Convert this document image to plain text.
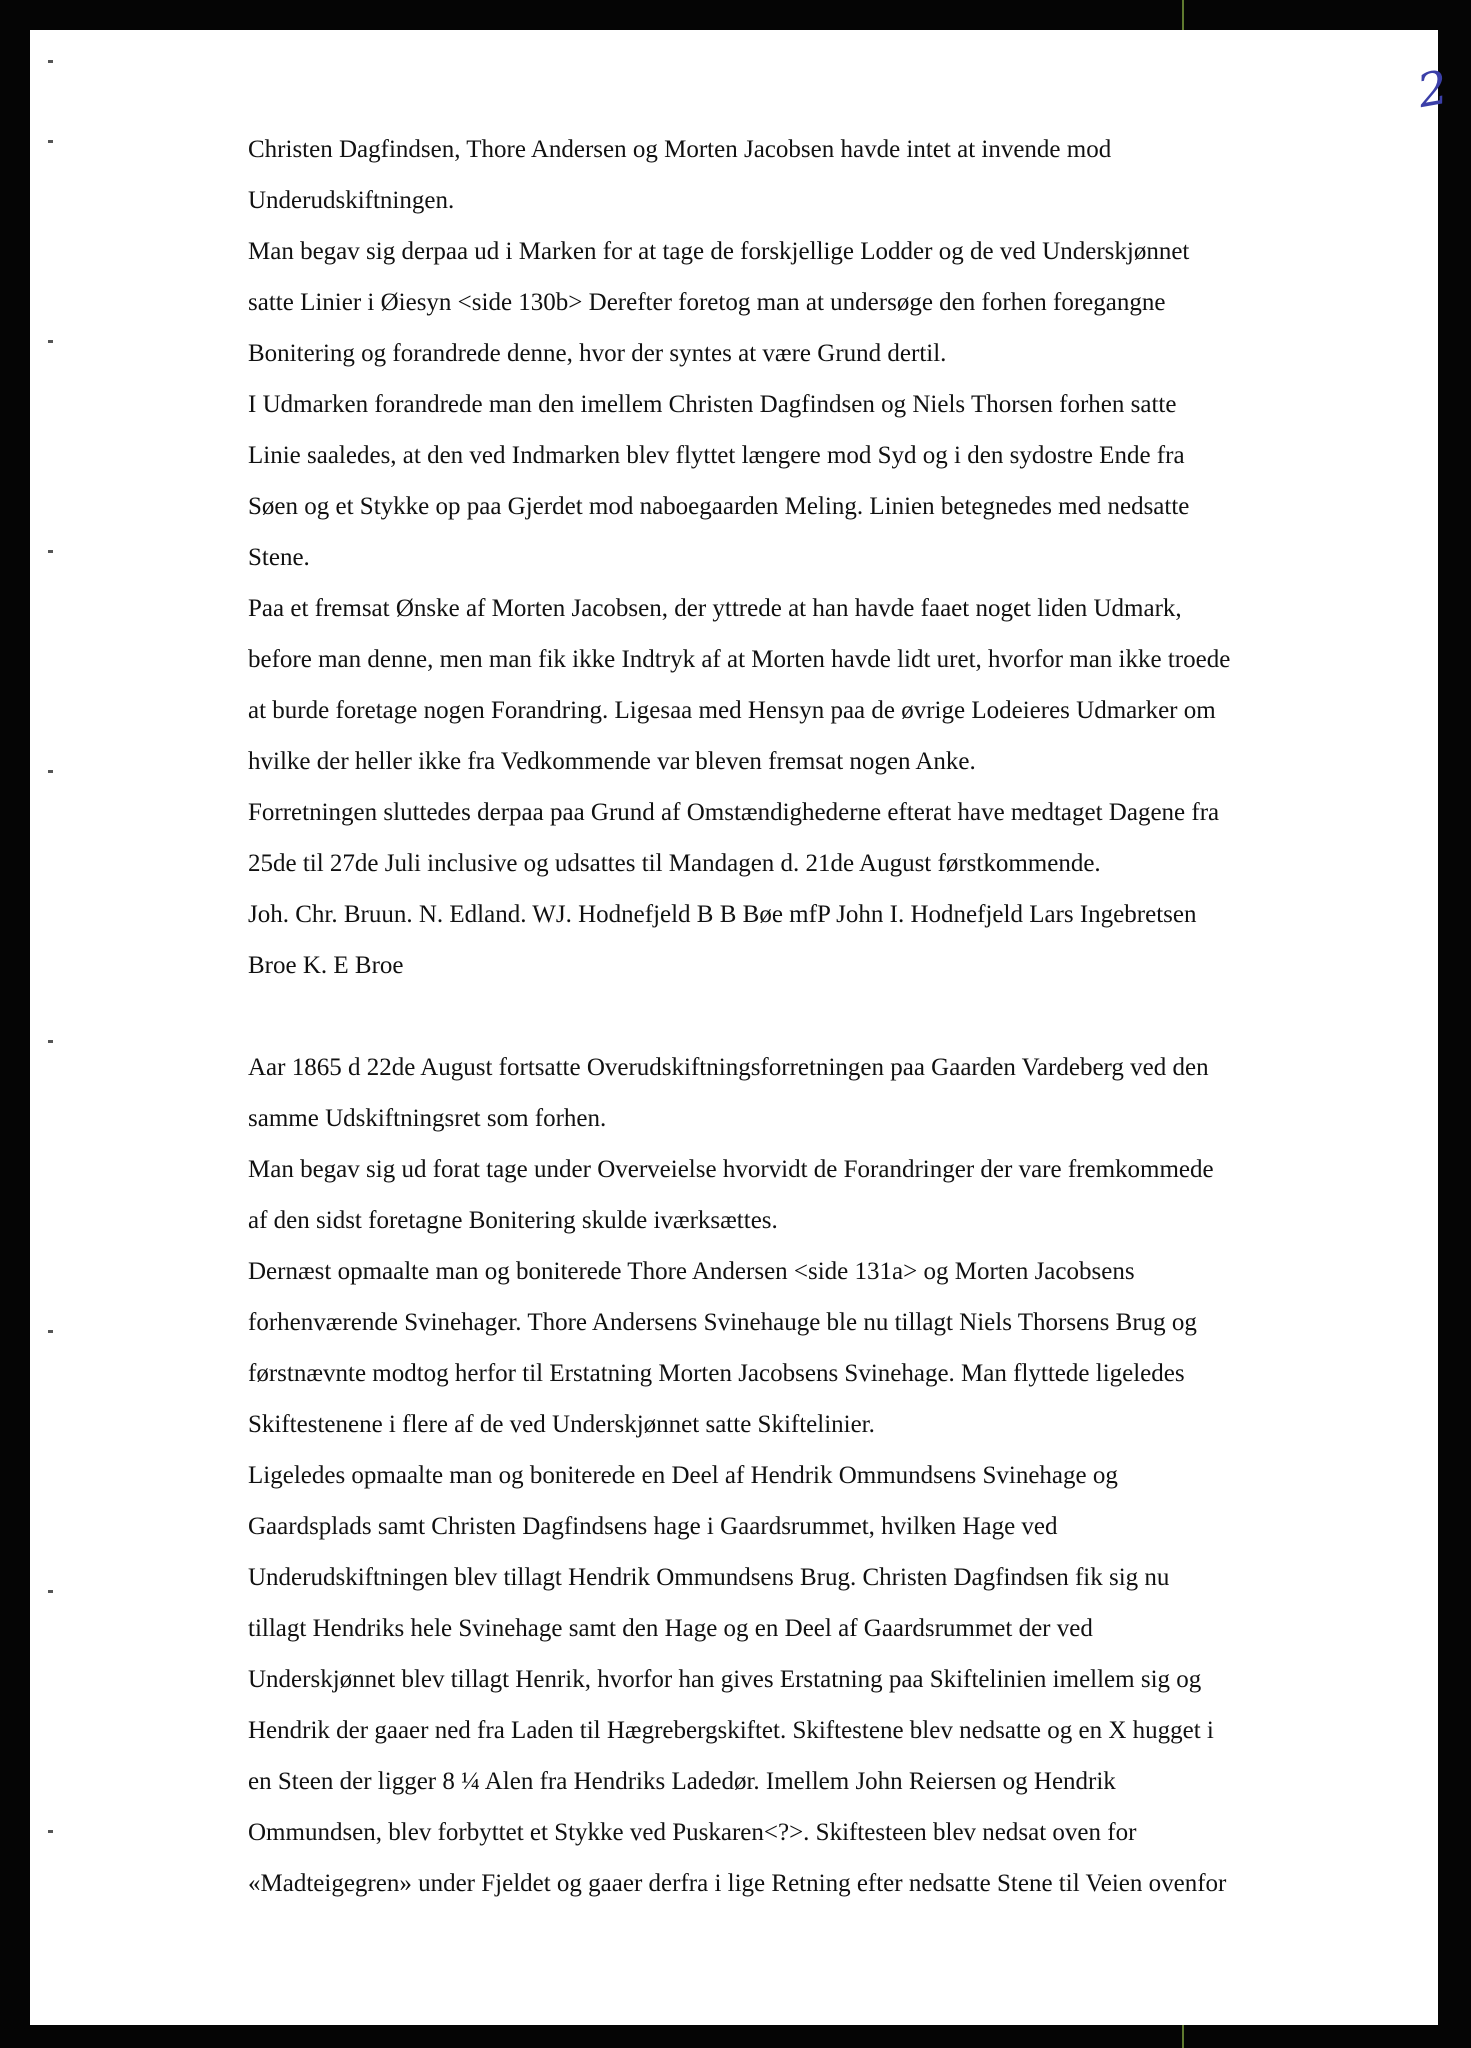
2
Christen Dagfindsen, Thore Andersen og Morten Jacobsen havde intet at invende mod
Underudskiftningen.
Man begav sig derpaa ud i Marken for at tage de forskjellige Lodder og de ved Underskjønnet
satte Linier i Øiesyn <side 130b> Derefter foretog man at undersøge den forhen foregangne
Bonitering og forandrede denne, hvor der syntes at være Grund dertil.
I Udmarken forandrede man den imellem Christen Dagfindsen og Niels Thorsen forhen satte
Linie saaledes, at den ved Indmarken blev flyttet længere mod Syd og i den sydostre Ende fra
Søen og et Stykke op paa Gjerdet mod naboegaarden Meling. Linien betegnedes med nedsatte
Stene.
Paa et fremsat Ønske af Morten Jacobsen, der yttrede at han havde faaet noget liden Udmark,
before man denne, men man fik ikke Indtryk af at Morten havde lidt uret, hvorfor man ikke troede
at burde foretage nogen Forandring. Ligesaa med Hensyn paa de øvrige Lodeieres Udmarker om
hvilke der heller ikke fra Vedkommende var bleven fremsat nogen Anke.
Forretningen sluttedes derpaa paa Grund af Omstændighederne efterat have medtaget Dagene fra
25de til 27de Juli inclusive og udsattes til Mandagen d. 21de August førstkommende.
Joh. Chr. Bruun. N. Edland. WJ. Hodnefjeld B B Bøe mfP John I. Hodnefjeld Lars Ingebretsen
Broe K. E Broe
Aar 1865 d 22de August fortsatte Overudskiftningsforretningen paa Gaarden Vardeberg ved den
samme Udskiftningsret som forhen.
Man begav sig ud forat tage under Overveielse hvorvidt de Forandringer der vare fremkommede
af den sidst foretagne Bonitering skulde iværksættes.
Dernæst opmaalte man og boniterede Thore Andersen <side 131a> og Morten Jacobsens
forhenværende Svinehager. Thore Andersens Svinehauge ble nu tillagt Niels Thorsens Brug og
førstnævnte modtog herfor til Erstatning Morten Jacobsens Svinehage. Man flyttede ligeledes
Skiftestenene i flere af de ved Underskjønnet satte Skiftelinier.
Ligeledes opmaalte man og boniterede en Deel af Hendrik Ommundsens Svinehage og
Gaardsplads samt Christen Dagfindsens hage i Gaardsrummet, hvilken Hage ved
Underudskiftningen blev tillagt Hendrik Ommundsens Brug. Christen Dagfindsen fik sig nu
tillagt Hendriks hele Svinehage samt den Hage og en Deel af Gaardsrummet der ved
Underskjønnet blev tillagt Henrik, hvorfor han gives Erstatning paa Skiftelinien imellem sig og
Hendrik der gaaer ned fra Laden til Hægrebergskiftet. Skiftestene blev nedsatte og en X hugget i
en Steen der ligger 8 ¼ Alen fra Hendriks Ladedør. Imellem John Reiersen og Hendrik
Ommundsen, blev forbyttet et Stykke ved Puskaren<?>. Skiftesteen blev nedsat oven for
«Madteigegren» under Fjeldet og gaaer derfra i lige Retning efter nedsatte Stene til Veien ovenfor
